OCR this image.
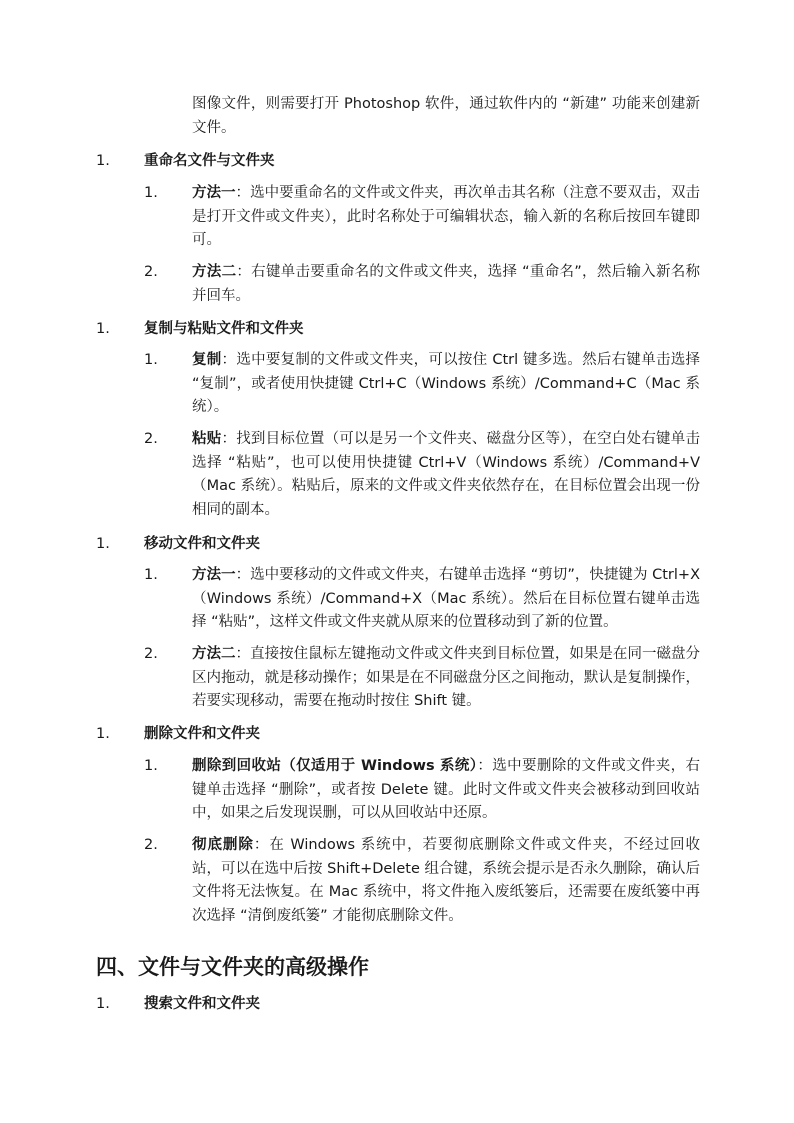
图像文件，则需要打开 Photoshop 软件，通过软件内的 “新建” 功能来创建新文件。

1. 重命名文件与文件夹
1.	方法一：选中要重命名的文件或文件夹，再次单击其名称（注意不要双击，双击是打开文件或文件夹），此时名称处于可编辑状态，输入新的名称后按回车键即可。
2.	方法二：右键单击要重命名的文件或文件夹，选择 “重命名”，然后输入新名称并回车。
1. 复制与粘贴文件和文件夹
1.	复制：选中要复制的文件或文件夹，可以按住 Ctrl 键多选。然后右键单击选择 “复制”，或者使用快捷键 Ctrl+C（Windows 系统）/Command+C（Mac 系统）。
2.	粘贴：找到目标位置（可以是另一个文件夹、磁盘分区等），在空白处右键单击选择 “粘贴”，也可以使用快捷键 Ctrl+V（Windows 系统）/Command+V（Mac 系统）。粘贴后，原来的文件或文件夹依然存在，在目标位置会出现一份相同的副本。
1. 移动文件和文件夹
1.	方法一：选中要移动的文件或文件夹，右键单击选择 “剪切”，快捷键为 Ctrl+X（Windows 系统）/Command+X（Mac 系统）。然后在目标位置右键单击选择 “粘贴”，这样文件或文件夹就从原来的位置移动到了新的位置。
2.	方法二：直接按住鼠标左键拖动文件或文件夹到目标位置，如果是在同一磁盘分区内拖动，就是移动操作；如果是在不同磁盘分区之间拖动，默认是复制操作，若要实现移动，需要在拖动时按住 Shift 键。
1. 删除文件和文件夹
1.	删除到回收站（仅适用于 Windows 系统）：选中要删除的文件或文件夹，右键单击选择 “删除”，或者按 Delete 键。此时文件或文件夹会被移动到回收站中，如果之后发现误删，可以从回收站中还原。
2.	彻底删除：在 Windows 系统中，若要彻底删除文件或文件夹，不经过回收站，可以在选中后按 Shift+Delete 组合键，系统会提示是否永久删除，确认后文件将无法恢复。在 Mac 系统中，将文件拖入废纸篓后，还需要在废纸篓中再次选择 “清倒废纸篓” 才能彻底删除文件。
四、文件与文件夹的高级操作
1. 搜索文件和文件夹
